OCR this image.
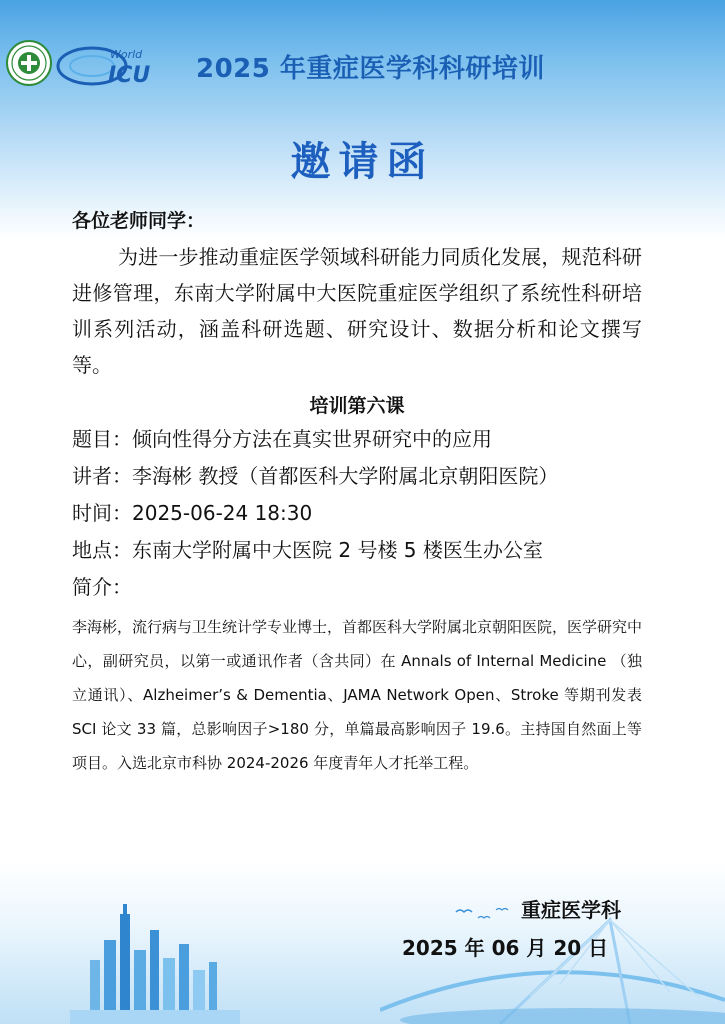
World
ICU 2025 年重症医学科科研培训
邀请函

各位老师同学：

为进一步推动重症医学领域科研能力同质化发展，规范科研进修管理，东南大学附属中大医院重症医学组织了系统性科研培训系列活动，涵盖科研选题、研究设计、数据分析和论文撰写等。

培训第六课

题目：倾向性得分方法在真实世界研究中的应用

讲者：李海彬 教授（首都医科大学附属北京朝阳医院）

时间：2025-06-24 18:30

地点：东南大学附属中大医院 2 号楼 5 楼医生办公室

简介：

李海彬，流行病与卫生统计学专业博士，首都医科大学附属北京朝阳医院，医学研究中心，副研究员，以第一或通讯作者（含共同）在 Annals of Internal Medicine （独立通讯）、Alzheimer’s & Dementia、JAMA Network Open、Stroke 等期刊发表 SCI 论文 33 篇，总影响因子>180 分，单篇最高影响因子 19.6。主持国自然面上等项目。入选北京市科协 2024-2026 年度青年人才托举工程。

重症医学科
2025 年 06 月 20 日
